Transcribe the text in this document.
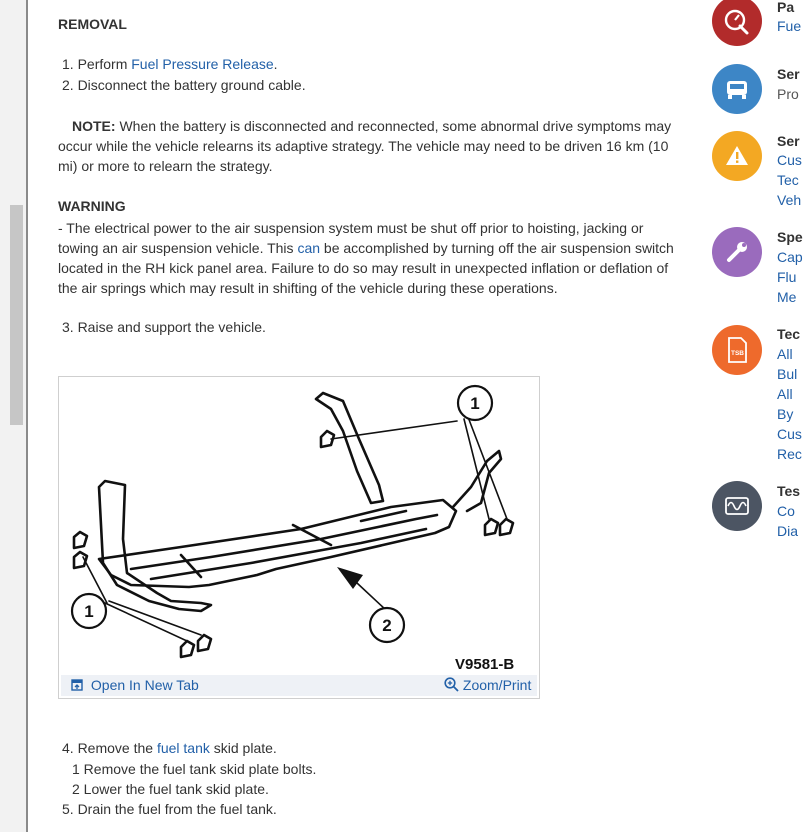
REMOVAL
1. Perform Fuel Pressure Release.
2. Disconnect the battery ground cable.
NOTE: When the battery is disconnected and reconnected, some abnormal drive symptoms may occur while the vehicle relearns its adaptive strategy. The vehicle may need to be driven 16 km (10 mi) or more to relearn the strategy.
WARNING
- The electrical power to the air suspension system must be shut off prior to hoisting, jacking or towing an air suspension vehicle. This can be accomplished by turning off the air suspension switch located in the RH kick panel area. Failure to do so may result in unexpected inflation or deflation of the air springs which may result in shifting of the vehicle during these operations.
3. Raise and support the vehicle.
1
1
2
V9581-B
Open In New Tab	Zoom/Print
4. Remove the fuel tank skid plate.
1 Remove the fuel tank skid plate bolts.
2 Lower the fuel tank skid plate.
5. Drain the fuel from the fuel tank.
Pa
Fue
Ser
Pro
Ser
Cus
Tec
Veh
Spe
Cap
Flu
Me
TSB
Tec
All
Bul
All
By
Cus
Rec
Tes
Co
Dia
